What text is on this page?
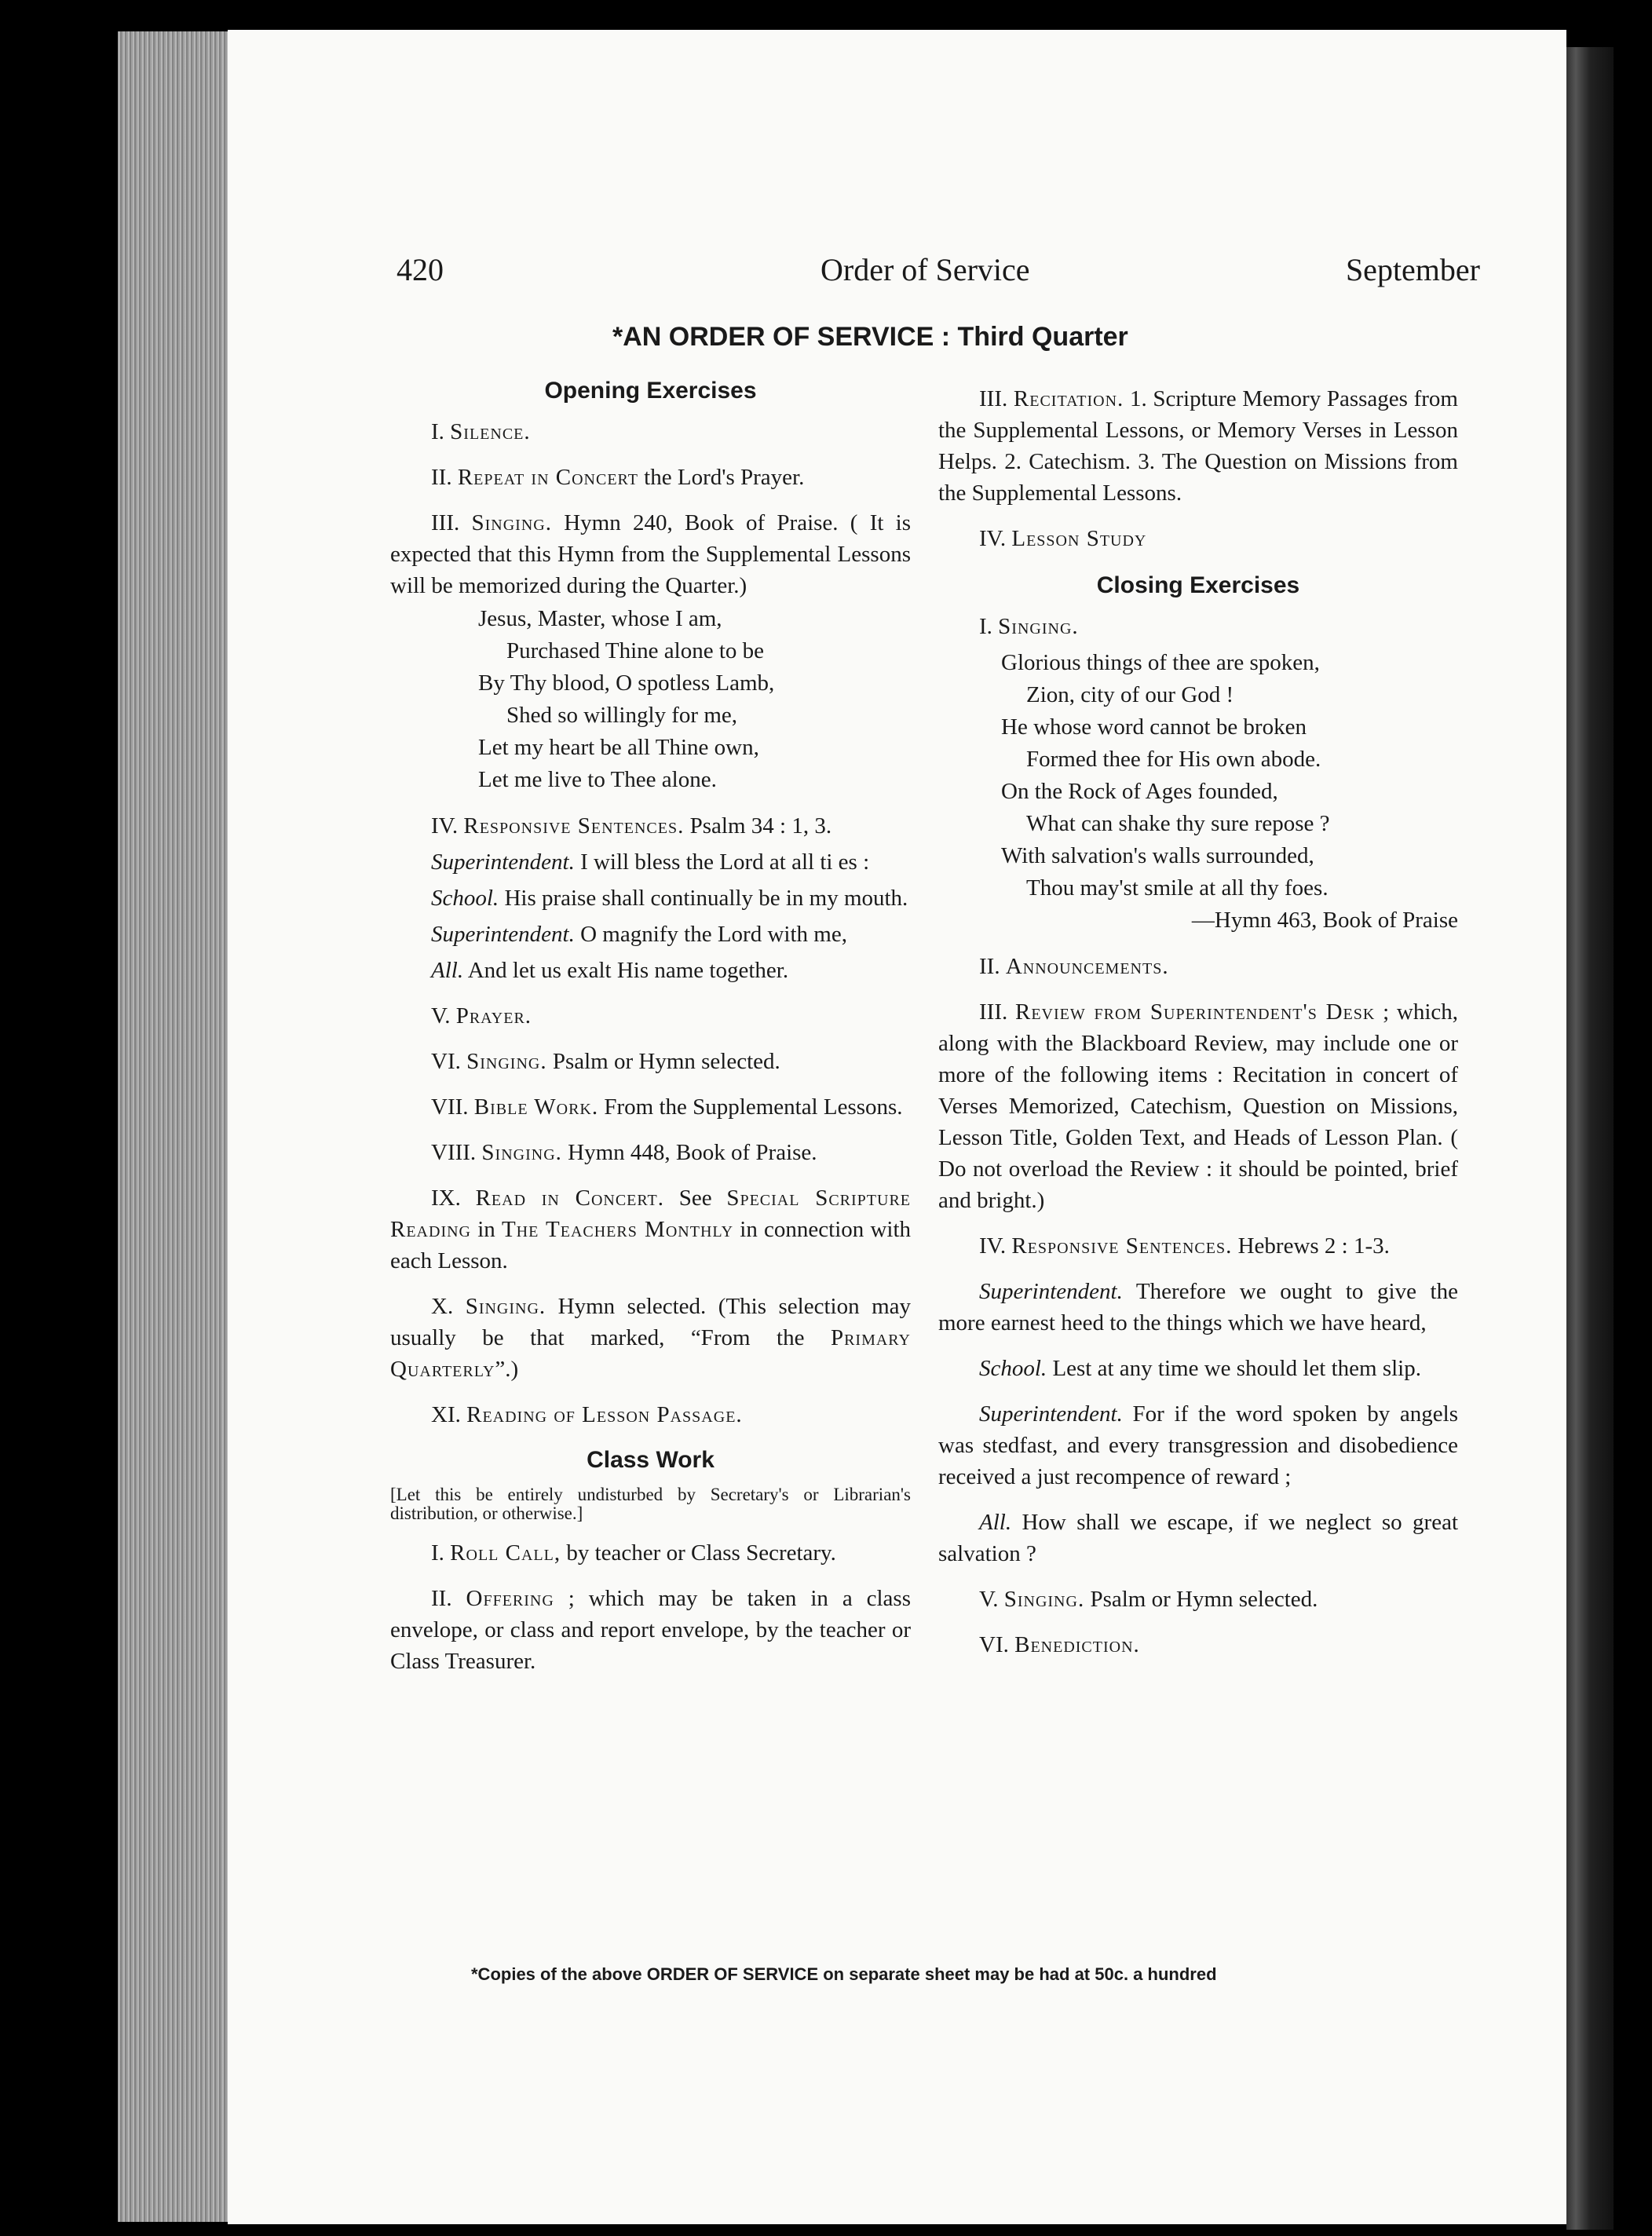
420	Order of Service	September
*AN ORDER OF SERVICE : Third Quarter
Opening Exercises

I. Silence.

II. Repeat in Concert the Lord's Prayer.

III. Singing. Hymn 240, Book of Praise. ( It is expected that this Hymn from the Supplemental Lessons will be memorized during the Quarter.)

Jesus, Master, whose I am,
Purchased Thine alone to be
By Thy blood, O spotless Lamb,
Shed so willingly for me,
Let my heart be all Thine own,
Let me live to Thee alone.

IV. Responsive Sentences. Psalm 34 : 1, 3.

Superintendent. I will bless the Lord at all ti es :

School. His praise shall continually be in my mouth.

Superintendent. O magnify the Lord with me,

All. And let us exalt His name together.

V. Prayer.

VI. Singing. Psalm or Hymn selected.

VII. Bible Work. From the Supplemental Lessons.

VIII. Singing. Hymn 448, Book of Praise.

IX. Read in Concert. See Special Scripture Reading in The Teachers Monthly in connection with each Lesson.

X. Singing. Hymn selected. (This selection may usually be that marked, “From the Primary Quarterly”.)

XI. Reading of Lesson Passage.

Class Work

[Let this be entirely undisturbed by Secretary's or Librarian's distribution, or otherwise.]

I. Roll Call, by teacher or Class Secretary.

II. Offering ; which may be taken in a class envelope, or class and report envelope, by the teacher or Class Treasurer.

III. Recitation. 1. Scripture Memory Passages from the Supplemental Lessons, or Memory Verses in Lesson Helps. 2. Catechism. 3. The Question on Missions from the Supplemental Lessons.

IV. Lesson Study

Closing Exercises

I. Singing.

Glorious things of thee are spoken,
Zion, city of our God !
He whose word cannot be broken
Formed thee for His own abode.
On the Rock of Ages founded,
What can shake thy sure repose ?
With salvation's walls surrounded,
Thou may'st smile at all thy foes.
—Hymn 463, Book of Praise

II. Announcements.

III. Review from Superintendent's Desk ; which, along with the Blackboard Review, may include one or more of the following items : Recitation in concert of Verses Memorized, Catechism, Question on Missions, Lesson Title, Golden Text, and Heads of Lesson Plan. ( Do not overload the Review : it should be pointed, brief and bright.)

IV. Responsive Sentences. Hebrews 2 : 1-3.

Superintendent. Therefore we ought to give the more earnest heed to the things which we have heard,

School. Lest at any time we should let them slip.

Superintendent. For if the word spoken by angels was stedfast, and every transgression and disobedience received a just recompence of reward ;

All. How shall we escape, if we neglect so great salvation ?

V. Singing. Psalm or Hymn selected.

VI. Benediction.

*Copies of the above ORDER OF SERVICE on separate sheet may be had at 50c. a hundred
